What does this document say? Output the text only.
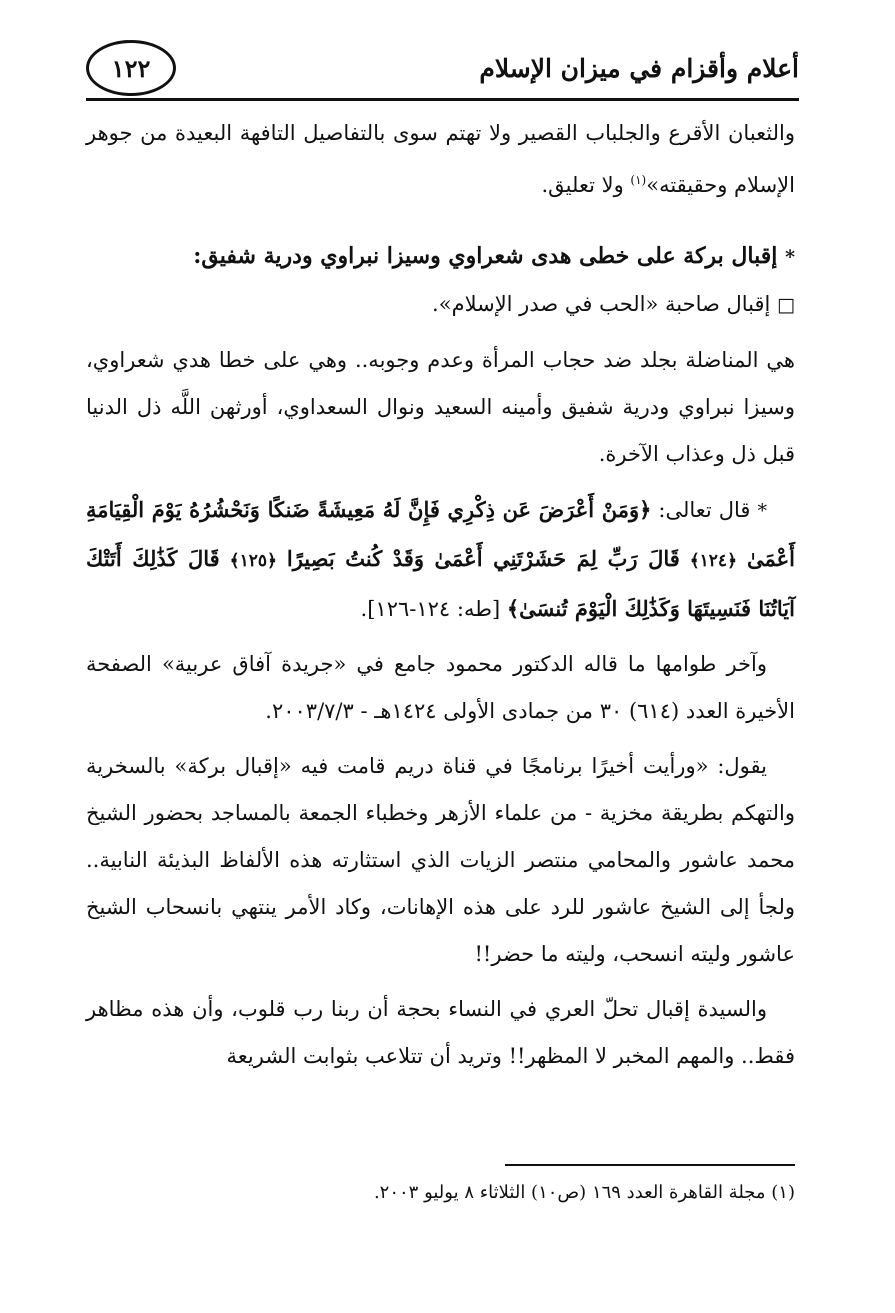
أعلام وأقزام في ميزان الإسلام
١٢٢

والثعبان الأقرع والجلباب القصير ولا تهتم سوى بالتفاصيل التافهة البعيدة من جوهر الإسلام وحقيقته»$^{(١)}$ ولا تعليق.

* إقبال بركة على خطى هدى شعراوي وسيزا نبراوي ودرية شفيق:

□ إقبال صاحبة «الحب في صدر الإسلام».

هي المناضلة بجلد ضد حجاب المرأة وعدم وجوبه.. وهي على خطا هدي شعراوي، وسيزا نبراوي ودرية شفيق وأمينه السعيد ونوال السعداوي، أورثهن اللَّه ذل الدنيا قبل ذل وعذاب الآخرة.

* قال تعالى: ﴿وَمَنْ أَعْرَضَ عَن ذِكْرِي فَإِنَّ لَهُ مَعِيشَةً ضَنكًا وَنَحْشُرُهُ يَوْمَ الْقِيَامَةِ أَعْمَىٰ ﴿١٢٤﴾ قَالَ رَبِّ لِمَ حَشَرْتَنِي أَعْمَىٰ وَقَدْ كُنتُ بَصِيرًا ﴿١٢٥﴾ قَالَ كَذَٰلِكَ أَتَتْكَ آيَاتُنَا فَنَسِيتَهَا وَكَذَٰلِكَ الْيَوْمَ تُنسَىٰ﴾ [طه: ١٢٤-١٢٦].

وآخر طوامها ما قاله الدكتور محمود جامع في «جريدة آفاق عربية» الصفحة الأخيرة العدد (٦١٤) ٣٠ من جمادى الأولى ١٤٢٤هـ - ٢٠٠٣/٧/٣.

يقول: «ورأيت أخيرًا برنامجًا في قناة دريم قامت فيه «إقبال بركة» بالسخرية والتهكم بطريقة مخزية - من علماء الأزهر وخطباء الجمعة بالمساجد بحضور الشيخ محمد عاشور والمحامي منتصر الزيات الذي استثارته هذه الألفاظ البذيئة النابية.. ولجأ إلى الشيخ عاشور للرد على هذه الإهانات، وكاد الأمر ينتهي بانسحاب الشيخ عاشور وليته انسحب، وليته ما حضر!!

والسيدة إقبال تحلّ العري في النساء بحجة أن ربنا رب قلوب، وأن هذه مظاهر فقط.. والمهم المخبر لا المظهر!! وتريد أن تتلاعب بثوابت الشريعة

(١) مجلة القاهرة العدد ١٦٩ (ص١٠) الثلاثاء ٨ يوليو ٢٠٠٣.
